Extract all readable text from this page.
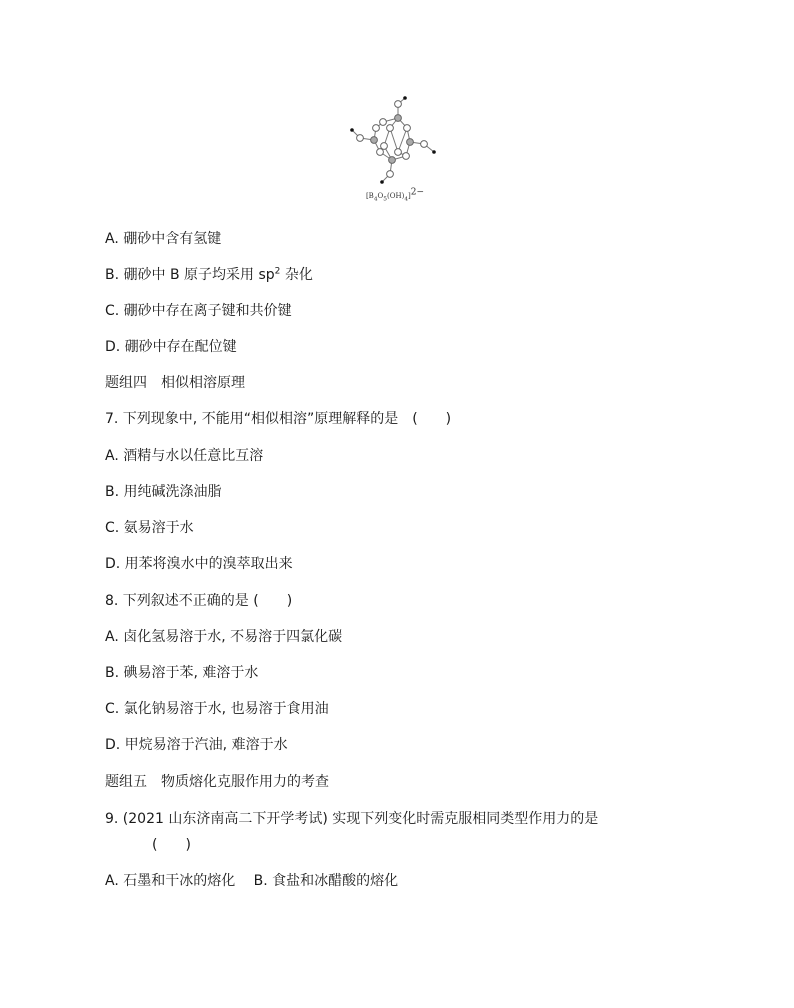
$[B_4O_5(OH)_4]^{2-}$
A. 硼砂中含有氢键
B. 硼砂中 B 原子均采用 $sp^2$ 杂化
C. 硼砂中存在离子键和共价键
D. 硼砂中存在配位键
题组四　相似相溶原理
7. 下列现象中, 不能用“相似相溶”原理解释的是　(　　)
A. 酒精与水以任意比互溶
B. 用纯碱洗涤油脂
C. 氨易溶于水
D. 用苯将溴水中的溴萃取出来
8. 下列叙述不正确的是 (　　)
A. 卤化氢易溶于水, 不易溶于四氯化碳
B. 碘易溶于苯, 难溶于水
C. 氯化钠易溶于水, 也易溶于食用油
D. 甲烷易溶于汽油, 难溶于水
题组五　物质熔化克服作用力的考查
9. (2021 山东济南高二下开学考试) 实现下列变化时需克服相同类型作用力的是
(　　)
A. 石墨和干冰的熔化　 B. 食盐和冰醋酸的熔化
